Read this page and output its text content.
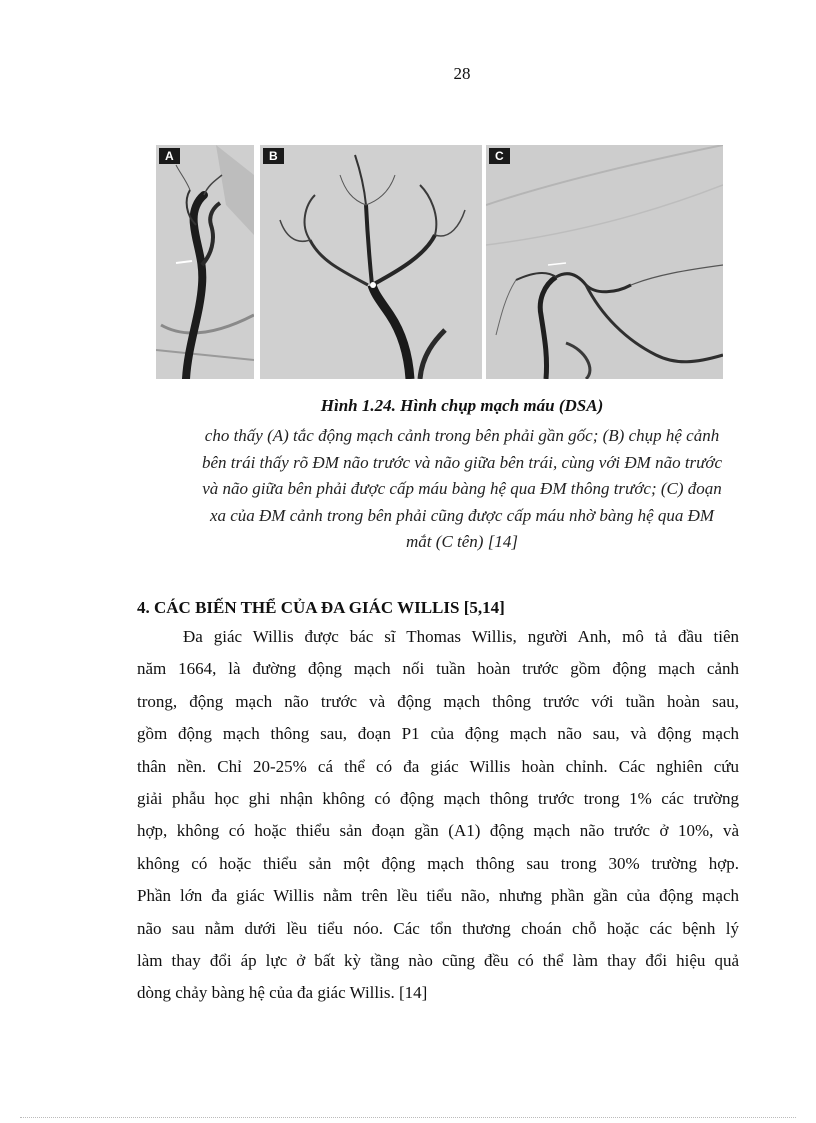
28
A	B	C
Hình 1.24. Hình chụp mạch máu (DSA)
cho thấy (A) tắc động mạch cảnh trong bên phải gần gốc; (B) chụp hệ cảnh
bên trái thấy rõ ĐM não trước và não giữa bên trái, cùng với ĐM não trước
và não giữa bên phải được cấp máu bàng hệ qua ĐM thông trước; (C) đoạn
xa của ĐM cảnh trong bên phải cũng được cấp máu nhờ bàng hệ qua ĐM
mắt (C tên) [14]
4. CÁC BIẾN THỂ CỦA ĐA GIÁC WILLIS [5,14]
Đa giác Willis được bác sĩ Thomas Willis, người Anh, mô tả đầu tiên
năm 1664, là đường động mạch nối tuần hoàn trước gồm động mạch cảnh
trong, động mạch não trước và động mạch thông trước với tuần hoàn sau,
gồm động mạch thông sau, đoạn P1 của động mạch não sau, và động mạch
thân nền. Chỉ 20-25% cá thể có đa giác Willis hoàn chỉnh. Các nghiên cứu
giải phẫu học ghi nhận không có động mạch thông trước trong 1% các trường
hợp, không có hoặc thiểu sản đoạn gần (A1) động mạch não trước ở 10%, và
không có hoặc thiểu sản một động mạch thông sau trong 30% trường hợp.
Phần lớn đa giác Willis nằm trên lều tiểu não, nhưng phần gần của động mạch
não sau nằm dưới lều tiểu nóo. Các tổn thương choán chỗ hoặc các bệnh lý
làm thay đổi áp lực ở bất kỳ tầng nào cũng đều có thể làm thay đổi hiệu quả
dòng chảy bàng hệ của đa giác Willis. [14]
